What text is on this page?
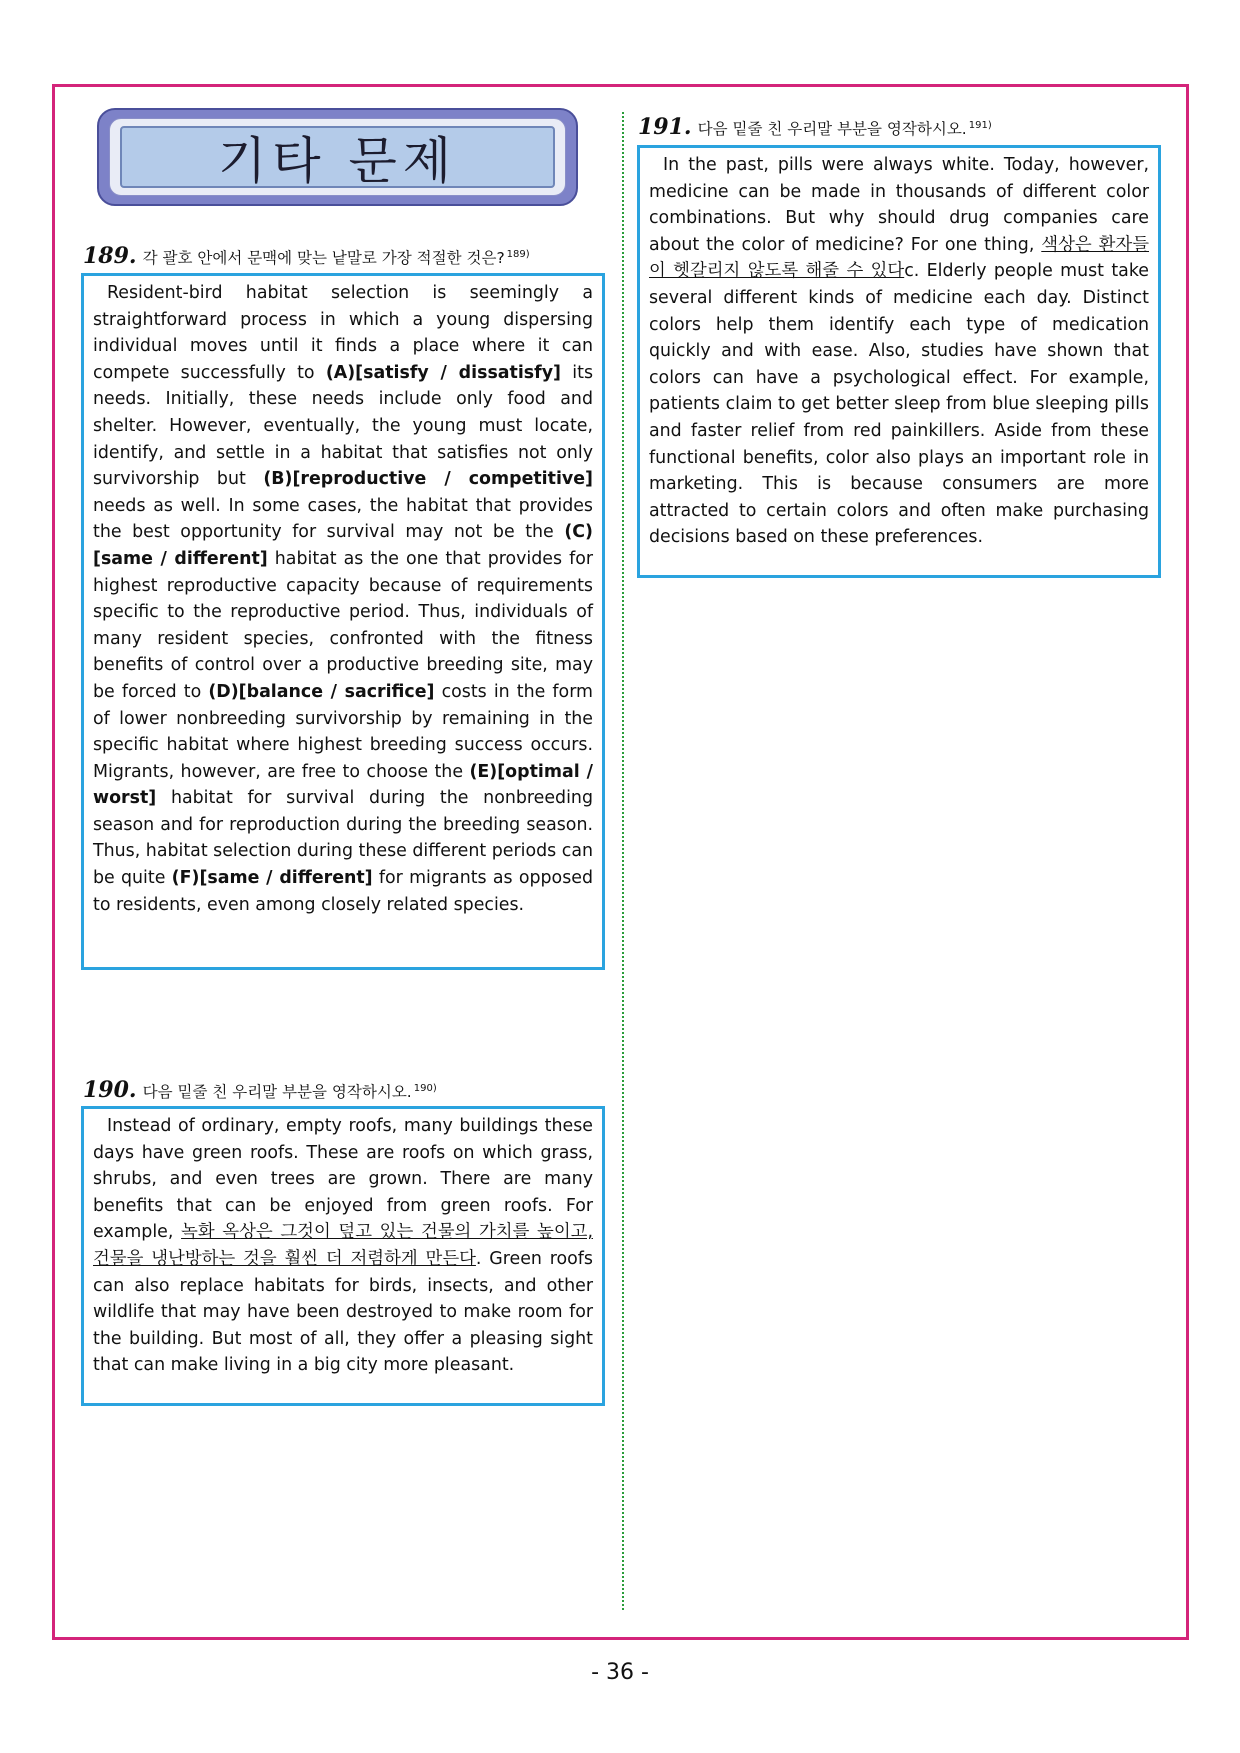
기타 문제
189. 각 괄호 안에서 문맥에 맞는 낱말로 가장 적절한 것은? $^{189)}$

Resident-bird habitat selection is seemingly a straightforward process in which a young dispersing individual moves until it finds a place where it can compete successfully to (A)[satisfy / dissatisfy] its needs. Initially, these needs include only food and shelter. However, eventually, the young must locate, identify, and settle in a habitat that satisfies not only survivorship but (B)[reproductive / competitive] needs as well. In some cases, the habitat that provides the best opportunity for survival may not be the (C)[same / different] habitat as the one that provides for highest reproductive capacity because of requirements specific to the reproductive period. Thus, individuals of many resident species, confronted with the fitness benefits of control over a productive breeding site, may be forced to (D)[balance / sacrifice] costs in the form of lower nonbreeding survivorship by remaining in the specific habitat where highest breeding success occurs. Migrants, however, are free to choose the (E)[optimal / worst] habitat for survival during the nonbreeding season and for reproduction during the breeding season. Thus, habitat selection during these different periods can be quite (F)[same / different] for migrants as opposed to residents, even among closely related species.

190. 다음 밑줄 친 우리말 부분을 영작하시오. $^{190)}$

Instead of ordinary, empty roofs, many buildings these days have green roofs. These are roofs on which grass, shrubs, and even trees are grown. There are many benefits that can be enjoyed from green roofs. For example, 녹화 옥상은 그것이 덮고 있는 건물의 가치를 높이고, 건물을 냉난방하는 것을 훨씬 더 저렴하게 만든다. Green roofs can also replace habitats for birds, insects, and other wildlife that may have been destroyed to make room for the building. But most of all, they offer a pleasing sight that can make living in a big city more pleasant.

191. 다음 밑줄 친 우리말 부분을 영작하시오. $^{191)}$

In the past, pills were always white. Today, however, medicine can be made in thousands of different color combinations. But why should drug companies care about the color of medicine? For one thing, 색상은 환자들이 헷갈리지 않도록 해줄 수 있다c. Elderly people must take several different kinds of medicine each day. Distinct colors help them identify each type of medication quickly and with ease. Also, studies have shown that colors can have a psychological effect. For example, patients claim to get better sleep from blue sleeping pills and faster relief from red painkillers. Aside from these functional benefits, color also plays an important role in marketing. This is because consumers are more attracted to certain colors and often make purchasing decisions based on these preferences.

- 36 -
